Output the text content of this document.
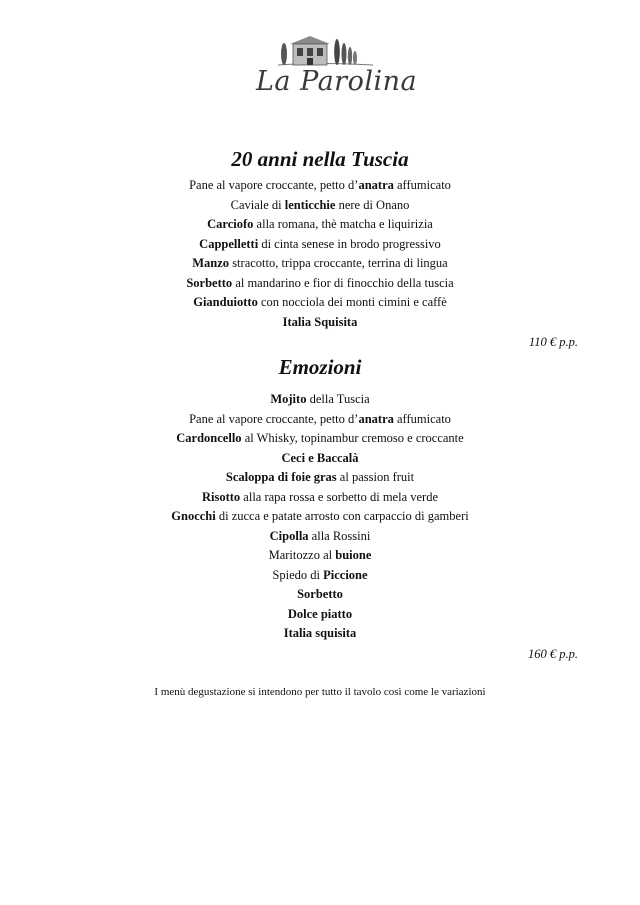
La Parolina
20 anni nella Tuscia
Pane al vapore croccante, petto d’anatra affumicato
Caviale di lenticchie nere di Onano
Carciofo alla romana, thè matcha e liquirizia
Cappelletti di cinta senese in brodo progressivo
Manzo stracotto, trippa croccante, terrina di lingua
Sorbetto al mandarino e fior di finocchio della tuscia
Gianduiotto con nocciola dei monti cimini e caffè
Italia Squisita
110 € p.p.
Emozioni
Mojito della Tuscia
Pane al vapore croccante, petto d’anatra affumicato
Cardoncello al Whisky, topinambur cremoso e croccante
Ceci e Baccalà
Scaloppa di foie gras al passion fruit
Risotto alla rapa rossa e sorbetto di mela verde
Gnocchi di zucca e patate arrosto con carpaccio di gamberi
Cipolla alla Rossini
Maritozzo al buione
Spiedo di Piccione
Sorbetto
Dolce piatto
Italia squisita
160 € p.p.
I menù degustazione si intendono per tutto il tavolo così come le variazioni
